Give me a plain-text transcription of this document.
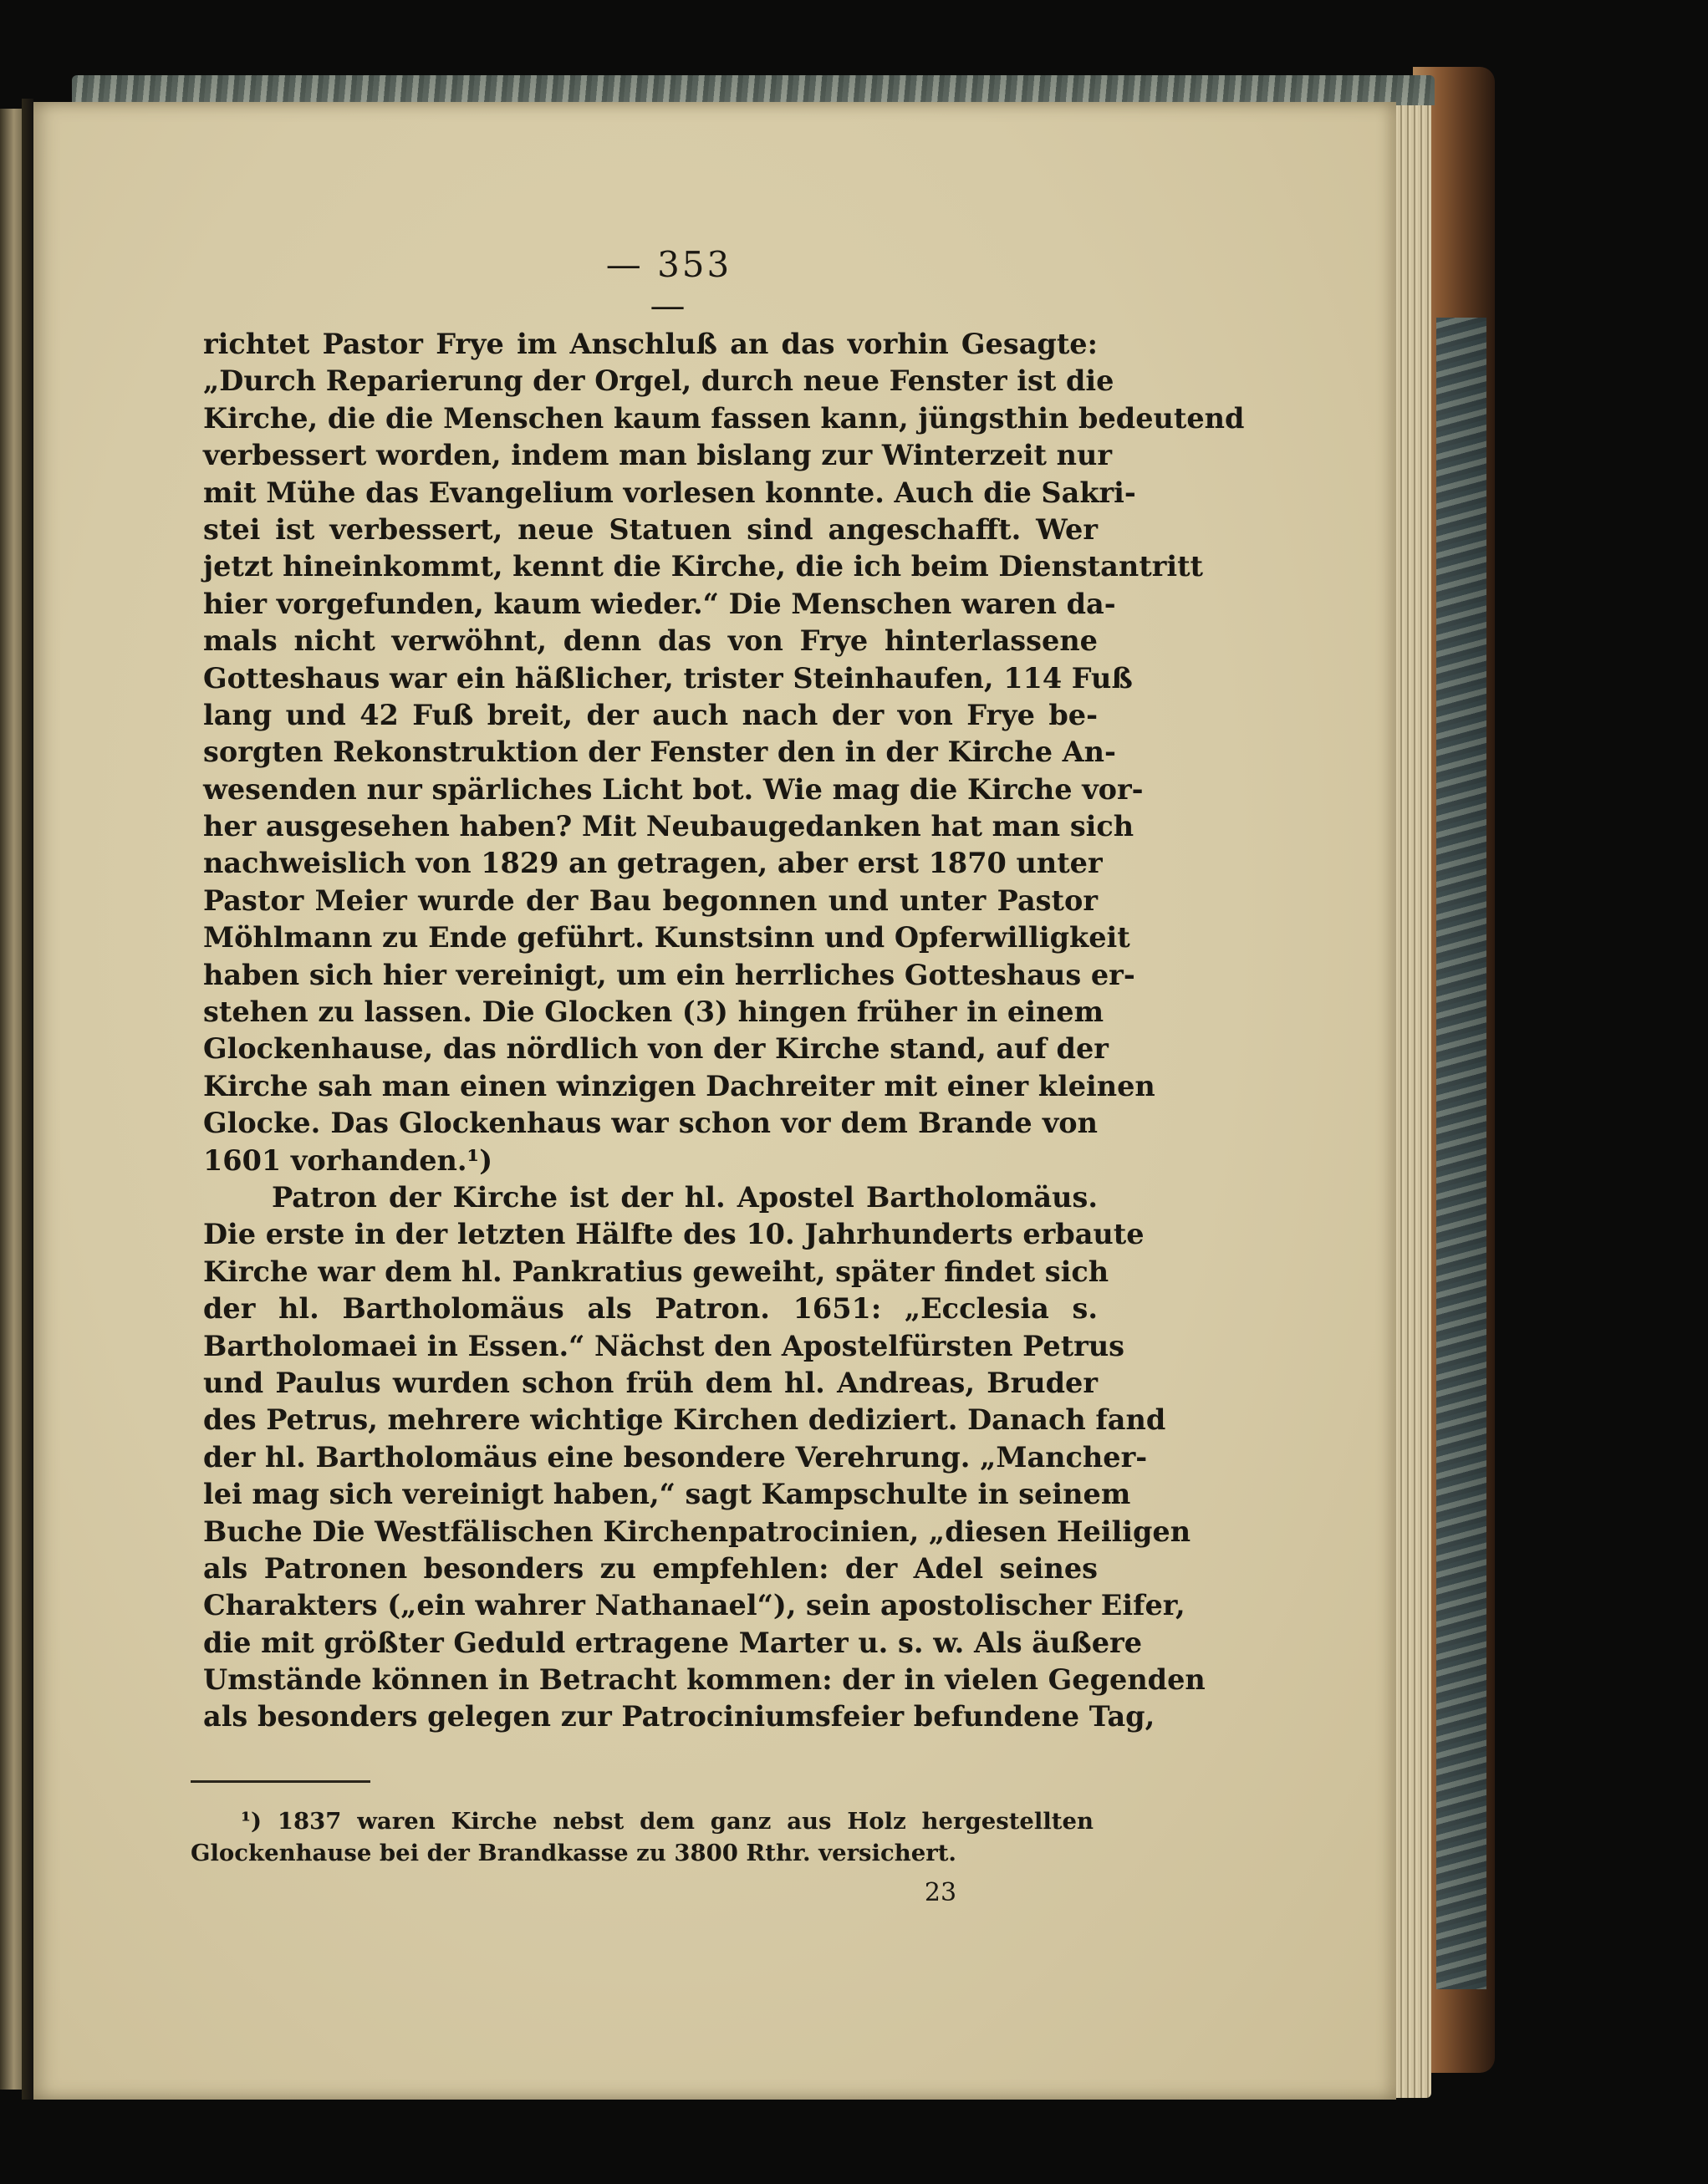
— 353 —
richtet Pastor Frye im Anschluß an das vorhin Gesagte:
„Durch Reparierung der Orgel, durch neue Fenster ist die
Kirche, die die Menschen kaum fassen kann, jüngsthin bedeutend
verbessert worden, indem man bislang zur Winterzeit nur
mit Mühe das Evangelium vorlesen konnte. Auch die Sakri-
stei ist verbessert, neue Statuen sind angeschafft. Wer
jetzt hineinkommt, kennt die Kirche, die ich beim Dienstantritt
hier vorgefunden, kaum wieder.“ Die Menschen waren da-
mals nicht verwöhnt, denn das von Frye hinterlassene
Gotteshaus war ein häßlicher, trister Steinhaufen, 114 Fuß
lang und 42 Fuß breit, der auch nach der von Frye be-
sorgten Rekonstruktion der Fenster den in der Kirche An-
wesenden nur spärliches Licht bot. Wie mag die Kirche vor-
her ausgesehen haben? Mit Neubaugedanken hat man sich
nachweislich von 1829 an getragen, aber erst 1870 unter
Pastor Meier wurde der Bau begonnen und unter Pastor
Möhlmann zu Ende geführt. Kunstsinn und Opferwilligkeit
haben sich hier vereinigt, um ein herrliches Gotteshaus er-
stehen zu lassen. Die Glocken (3) hingen früher in einem
Glockenhause, das nördlich von der Kirche stand, auf der
Kirche sah man einen winzigen Dachreiter mit einer kleinen
Glocke. Das Glockenhaus war schon vor dem Brande von
1601 vorhanden.¹)
Patron der Kirche ist der hl. Apostel Bartholomäus.
Die erste in der letzten Hälfte des 10. Jahrhunderts erbaute
Kirche war dem hl. Pankratius geweiht, später findet sich
der hl. Bartholomäus als Patron. 1651: „Ecclesia s.
Bartholomaei in Essen.“ Nächst den Apostelfürsten Petrus
und Paulus wurden schon früh dem hl. Andreas, Bruder
des Petrus, mehrere wichtige Kirchen dediziert. Danach fand
der hl. Bartholomäus eine besondere Verehrung. „Mancher-
lei mag sich vereinigt haben,“ sagt Kampschulte in seinem
Buche Die Westfälischen Kirchenpatrocinien, „diesen Heiligen
als Patronen besonders zu empfehlen: der Adel seines
Charakters („ein wahrer Nathanael“), sein apostolischer Eifer,
die mit größter Geduld ertragene Marter u. s. w. Als äußere
Umstände können in Betracht kommen: der in vielen Gegenden
als besonders gelegen zur Patrociniumsfeier befundene Tag,
¹) 1837 waren Kirche nebst dem ganz aus Holz hergestellten
Glockenhause bei der Brandkasse zu 3800 Rthr. versichert.
23
